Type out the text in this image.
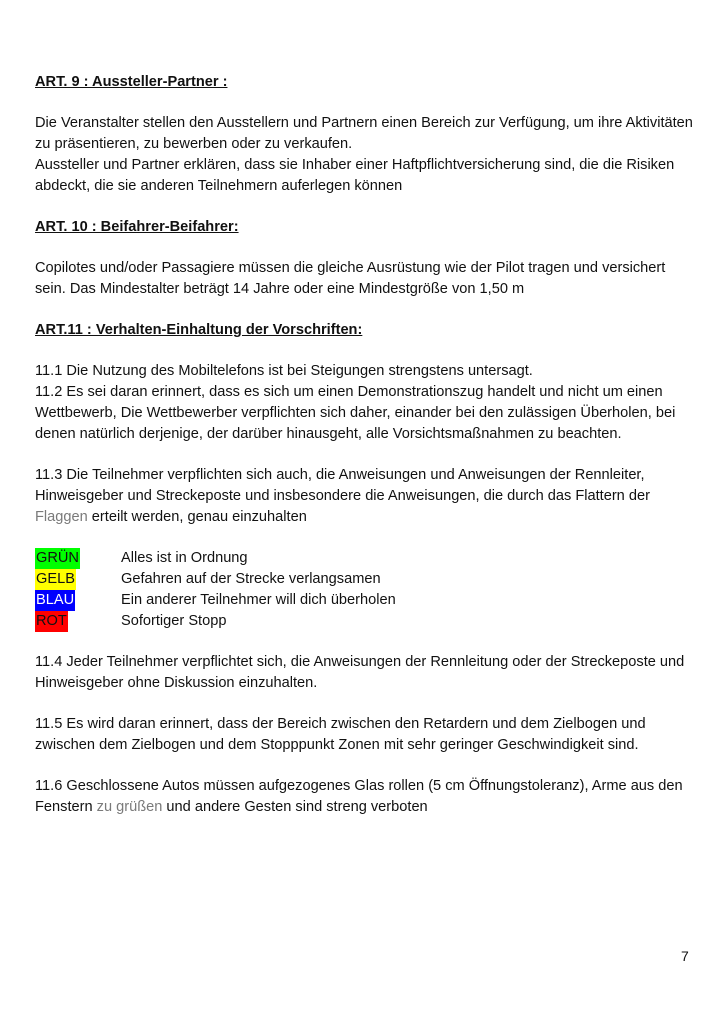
ART. 9 : Aussteller-Partner :

Die Veranstalter stellen den Ausstellern und Partnern einen Bereich zur Verfügung, um ihre Aktivitäten zu präsentieren, zu bewerben oder zu verkaufen.

Aussteller und Partner erklären, dass sie Inhaber einer Haftpflichtversicherung sind, die die Risiken abdeckt, die sie anderen Teilnehmern auferlegen können

ART. 10 : Beifahrer-Beifahrer:

Copilotes und/oder Passagiere müssen die gleiche Ausrüstung wie der Pilot tragen und versichert sein. Das Mindestalter beträgt 14 Jahre oder eine Mindestgröße von 1,50 m

ART.11 : Verhalten-Einhaltung der Vorschriften:

11.1 Die Nutzung des Mobiltelefons ist bei Steigungen strengstens untersagt.

11.2 Es sei daran erinnert, dass es sich um einen Demonstrationszug handelt und nicht um einen Wettbewerb, Die Wettbewerber verpflichten sich daher, einander bei den zulässigen Überholen, bei denen natürlich derjenige, der darüber hinausgeht, alle Vorsichtsmaßnahmen zu beachten.

11.3 Die Teilnehmer verpflichten sich auch, die Anweisungen und Anweisungen der Rennleiter, Hinweisgeber und Streckeposte und insbesondere die Anweisungen, die durch das Flattern der Flaggen erteilt werden, genau einzuhalten

GRÜN	Alles ist in Ordnung
GELB	Gefahren auf der Strecke verlangsamen
BLAU	Ein anderer Teilnehmer will dich überholen
ROT	Sofortiger Stopp

11.4 Jeder Teilnehmer verpflichtet sich, die Anweisungen der Rennleitung oder der Streckeposte und Hinweisgeber ohne Diskussion einzuhalten.

11.5 Es wird daran erinnert, dass der Bereich zwischen den Retardern und dem Zielbogen und zwischen dem Zielbogen und dem Stopppunkt Zonen mit sehr geringer Geschwindigkeit sind.

11.6 Geschlossene Autos müssen aufgezogenes Glas rollen (5 cm Öffnungstoleranz), Arme aus den Fenstern zu grüßen und andere Gesten sind streng verboten

7
